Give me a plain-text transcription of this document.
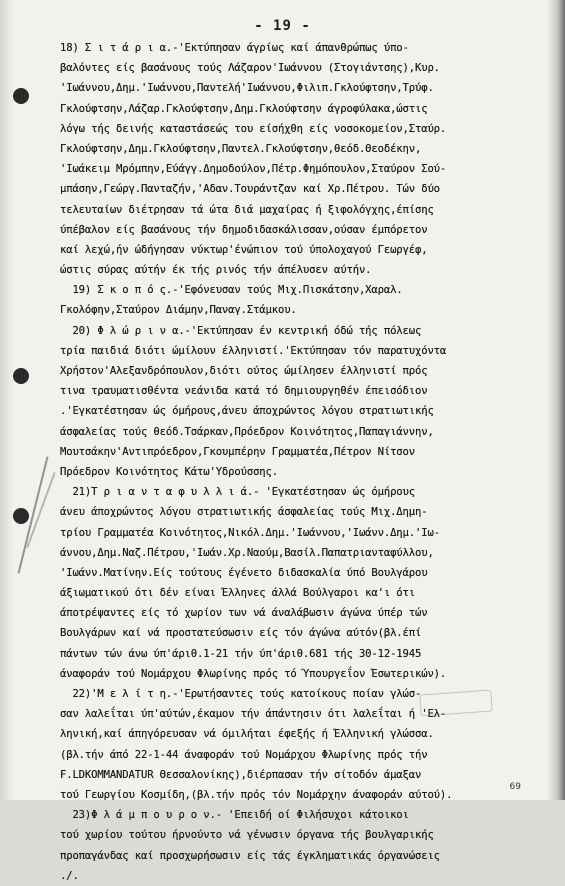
- 19 -
18) Σ ι τ ά ρ ι α.-'Εκτύπησαν άγρίως καί άπανθρώπως ύπο-
βαλόντες είς βασάνους τούς Λάζαρον'Ιωάννου (Στογιάντσης),Κυρ.
'Ιωάννου,Δημ.'Ιωάννου,Παντελή'Ιωάννου,Φιλιπ.Γκλούφτσην,Τρύφ.
Γκλούφτσην,Λάζαρ.Γκλούφτσην,Δημ.Γκλούφτσην άγροφύλακα,ώστις
λόγω τής δεινής καταστάσεώς του είσήχθη είς νοσοκομείον,Σταύρ.
Γκλούφτσην,Δημ.Γκλούφτσην,Παντελ.Γκλούφτσην,θεόδ.Θεοδέκην,
'Ιωάκειμ Μρόμπην,Εύάγγ.Δημοδούλον,Πέτρ.Φημόπουλον,Σταύρον Σού-
μπάσην,Γεώργ.Πανταζήν,'Αδαν.Τουράντζαν καί Χρ.Πέτρου. Τών δύο
τελευταίων διέτρησαν τά ώτα διά μαχαίρας ή ξιφολόγχης,έπίσης
ύπέβαλον είς βασάνους τήν δημοδιδασκάλισσαν,ούσαν έμπόρετον
καί λεχώ,ήν ώδήγησαν νύκτωρ'ένώπιον τού ύπολοχαγού Γεωργέφ,
ώστις σύρας αύτήν έκ τής ρινός τήν άπέλυσεν αύτήν.
19) Σ κ ο π ό ς.-'Εφόνευσαν τούς Μιχ.Πισκάτσην,Χαραλ.
Γκολόφην,Σταύρον Διάμην,Παναγ.Στάμκου.
20) Φ λ ώ ρ ι ν α.-'Εκτύπησαν έν κεντρική όδώ τής πόλεως
τρία παιδιά διότι ώμίλουν έλληνιστί.'Εκτύπησαν τόν παρατυχόντα
Χρήστον'Αλεξανδρόπουλον,διότι ούτος ώμίλησεν έλληνιστί πρός
τινα τραυματισθέντα νεάνιδα κατά τό δημιουργηθέν έπεισόδιον
.'Εγκατέστησαν ώς όμήρους,άνευ άποχρώντος λόγου στρατιωτικής
άσφαλείας τούς θεόδ.Τσάρκαν,Πρόεδρον Κοινότητος,Παπαγιάννην,
Μουτσάκην'Αντιπρόεδρον,Γκουμπέρην Γραμματέα,Πέτρον Νίτσον
Πρόεδρον Κοινότητος Κάτω'Υδρούσσης.
21)Τ ρ ι α ν τ α φ υ λ λ ι ά.- 'Εγκατέστησαν ώς όμήρους
άνευ άποχρώντος λόγου στρατιωτικής άσφαλείας τούς Μιχ.Δημη-
τρίου Γραμματέα Κοινότητος,Νικόλ.Δημ.'Ιωάννου,'Ιωάνν.Δημ.'Ιω-
άννου,Δημ.Ναζ.Πέτρου,'Ιωάν.Χρ.Ναούμ,Βασίλ.Παπατριανταφύλλου,
'Ιωάνν.Ματίνην.Είς τούτους έγένετο διδασκαλία ύπό Βουλγάρου
άξιωματικού ότι δέν είναι Έλληνες άλλά Βούλγαροι κα'ι ότι
άποτρέψαντες είς τό χωρίον των νά άναλάβωσιν άγώνα ύπέρ τών
Βουλγάρων καί νά προστατεύσωσιν είς τόν άγώνα αύτόν(βλ.έπί
πάντων τών άνω ύπ'άριθ.1-21 τήν ύπ'άριθ.681 τής 30-12-1945
άναφοράν τού Νομάρχου Φλωρίνης πρός τό Ύπουργεΐον Έσωτερικών).
22)'Μ ε λ ί τ η.-'Ερωτήσαντες τούς κατοίκους ποίαν γλώσ-
σαν λαλεΐται ύπ'αύτών,έκαμον τήν άπάντησιν ότι λαλεΐται ή 'Ελ-
ληνική,καί άπηγόρευσαν νά όμιλήται έφεξής ή Έλληνική γλώσσα.
(βλ.τήν άπό 22-1-44 άναφοράν τού Νομάρχου Φλωρίνης πρός τήν
F.LDKOMMANDATUR Θεσσαλονίκης),διέρπασαν τήν σίτοδόν άμαξαν
τού Γεωργίου Κοσμίδη,(βλ.τήν πρός τόν Νομάρχην άναφοράν αύτού).
23)Φ λ ά μ π ο υ ρ ο ν.- 'Επειδή οί Φιλήσυχοι κάτοικοι
τού χωρίου τούτου ήρνούντο νά γένωσιν όργανα τής βουλγαρικής
προπαγάνδας καί προσχωρήσωσιν είς τάς έγκληματικάς όργανώσεις
./.
69
